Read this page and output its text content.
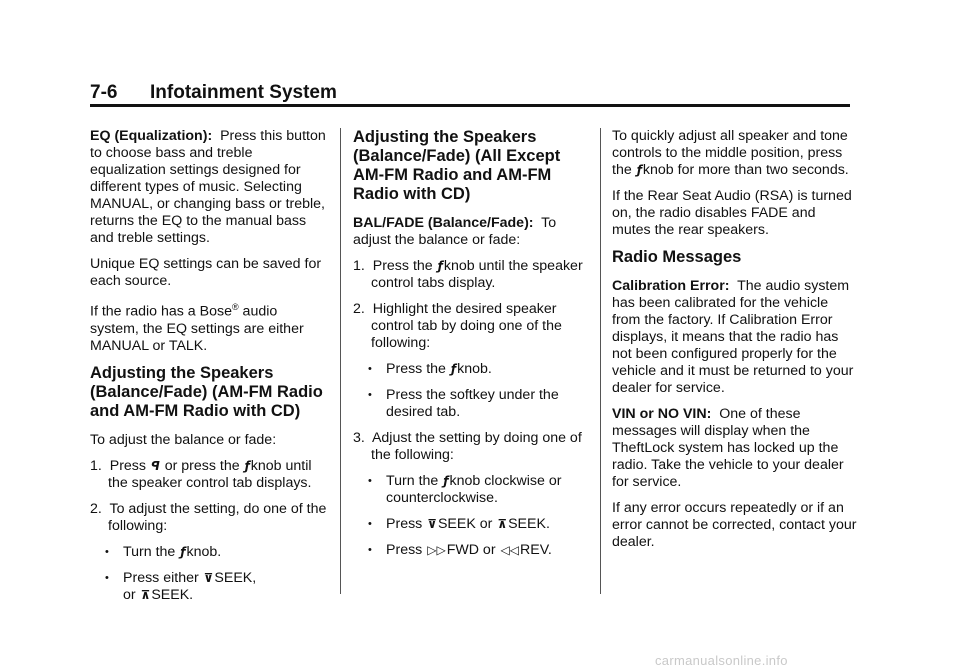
7-6 Infotainment System

EQ (Equalization): Press this button to choose bass and treble equalization settings designed for different types of music. Selecting MANUAL, or changing bass or treble, returns the EQ to the manual bass and treble settings.

Unique EQ settings can be saved for each source.

If the radio has a Bose® audio system, the EQ settings are either MANUAL or TALK.

Adjusting the Speakers (Balance/Fade) (AM-FM Radio and AM-FM Radio with CD)

To adjust the balance or fade:

1. Press ꟼ or press the ƒknob until the speaker control tab displays.

2. To adjust the setting, do one of the following:

• Turn the ƒknob.

• Press either ⊽SEEK,
or ⊼SEEK.

Adjusting the Speakers (Balance/Fade) (All Except AM-FM Radio and AM-FM Radio with CD)

BAL/FADE (Balance/Fade): To adjust the balance or fade:

1. Press the ƒknob until the speaker control tabs display.

2. Highlight the desired speaker control tab by doing one of the following:

• Press the ƒknob.

• Press the softkey under the desired tab.

3. Adjust the setting by doing one of the following:

• Turn the ƒknob clockwise or counterclockwise.

• Press ⊽SEEK or ⊼SEEK.

• Press ▷▷FWD or ◁◁REV.

To quickly adjust all speaker and tone controls to the middle position, press the ƒknob for more than two seconds.

If the Rear Seat Audio (RSA) is turned on, the radio disables FADE and mutes the rear speakers.

Radio Messages

Calibration Error: The audio system has been calibrated for the vehicle from the factory. If Calibration Error displays, it means that the radio has not been configured properly for the vehicle and it must be returned to your dealer for service.

VIN or NO VIN: One of these messages will display when the TheftLock system has locked up the radio. Take the vehicle to your dealer for service.

If any error occurs repeatedly or if an error cannot be corrected, contact your dealer.

carmanualsonline.info
